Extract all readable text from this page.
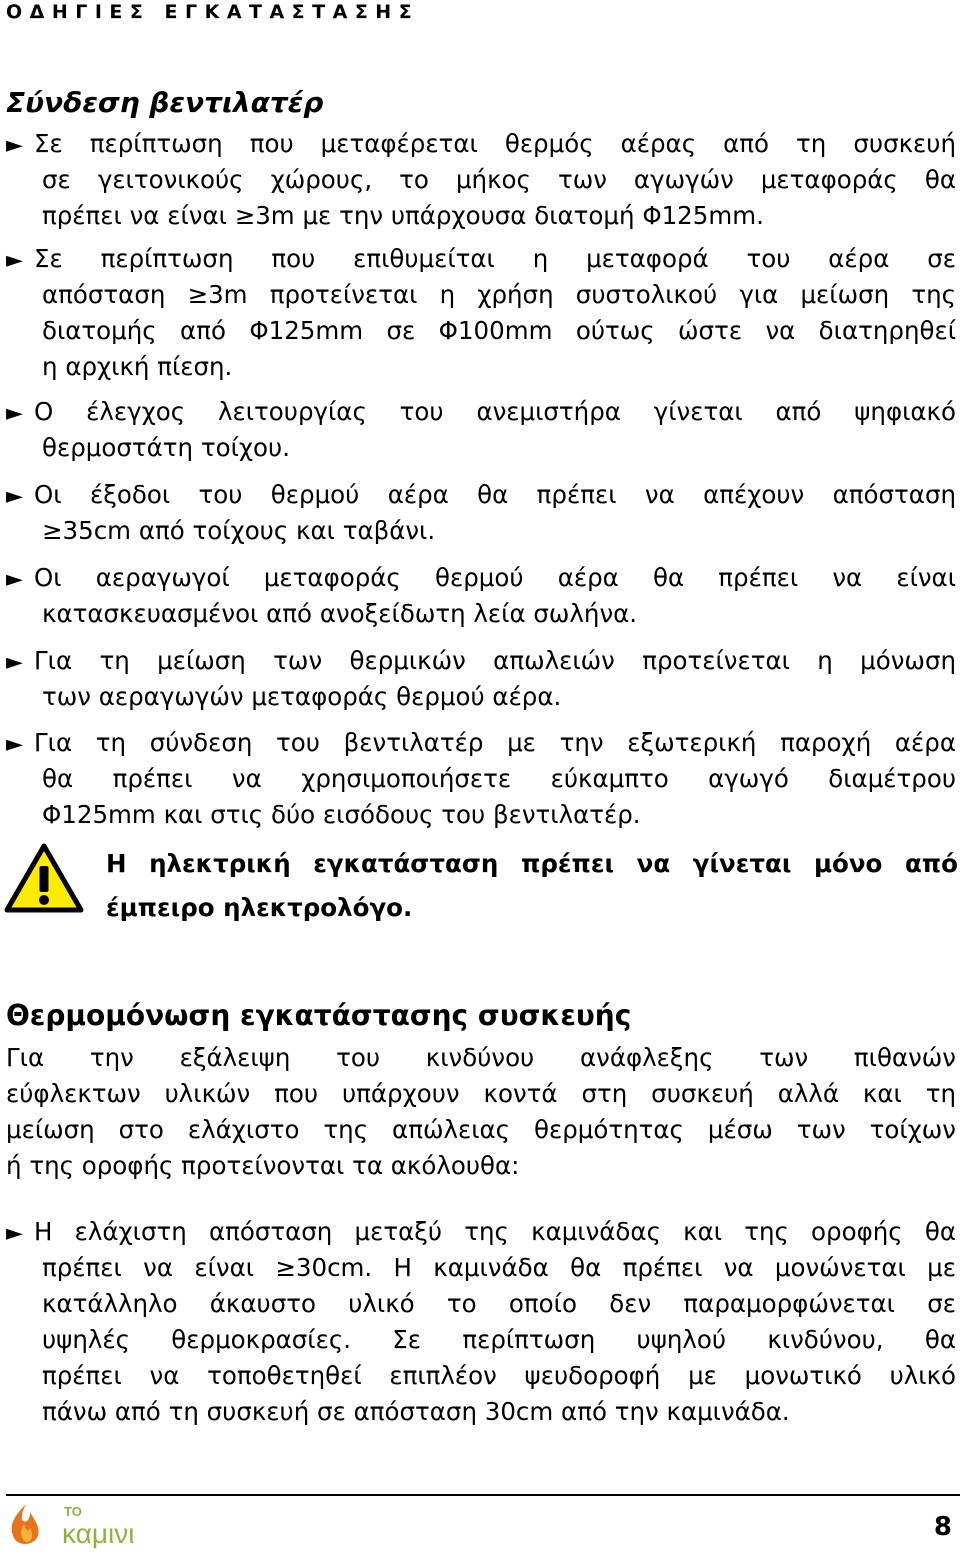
ΟΔΗΓΙΕΣ ΕΓΚΑΤΑΣΤΑΣΗΣ
Σύνδεση βεντιλατέρ
► Σε περίπτωση που μεταφέρεται θερμός αέρας από τη συσκευή
σε γειτονικούς χώρους, το μήκος των αγωγών μεταφοράς θα
πρέπει να είναι ≥3m με την υπάρχουσα διατομή Φ125mm.
► Σε περίπτωση που επιθυμείται η μεταφορά του αέρα σε
απόσταση ≥3m προτείνεται η χρήση συστολικού για μείωση της
διατομής από Φ125mm σε Φ100mm ούτως ώστε να διατηρηθεί
η αρχική πίεση.
► Ο έλεγχος λειτουργίας του ανεμιστήρα γίνεται από ψηφιακό
θερμοστάτη τοίχου.
► Οι έξοδοι του θερμού αέρα θα πρέπει να απέχουν απόσταση
≥35cm από τοίχους και ταβάνι.
► Οι αεραγωγοί μεταφοράς θερμού αέρα θα πρέπει να είναι
κατασκευασμένοι από ανοξείδωτη λεία σωλήνα.
► Για τη μείωση των θερμικών απωλειών προτείνεται η μόνωση
των αεραγωγών μεταφοράς θερμού αέρα.
► Για τη σύνδεση του βεντιλατέρ με την εξωτερική παροχή αέρα
θα πρέπει να χρησιμοποιήσετε εύκαμπτο αγωγό διαμέτρου
Φ125mm και στις δύο εισόδους του βεντιλατέρ.
Η ηλεκτρική εγκατάσταση πρέπει να γίνεται μόνο από
έμπειρο ηλεκτρολόγο.
Θερμομόνωση εγκατάστασης συσκευής
Για την εξάλειψη του κινδύνου ανάφλεξης των πιθανών
εύφλεκτων υλικών που υπάρχουν κοντά στη συσκευή αλλά και τη
μείωση στο ελάχιστο της απώλειας θερμότητας μέσω των τοίχων
ή της οροφής προτείνονται τα ακόλουθα:
► Η ελάχιστη απόσταση μεταξύ της καμινάδας και της οροφής θα
πρέπει να είναι ≥30cm. Η καμινάδα θα πρέπει να μονώνεται με
κατάλληλο άκαυστο υλικό το οποίο δεν παραμορφώνεται σε
υψηλές θερμοκρασίες. Σε περίπτωση υψηλού κινδύνου, θα
πρέπει να τοποθετηθεί επιπλέον ψευδοροφή με μονωτικό υλικό
πάνω από τη συσκευή σε απόσταση 30cm από την καμινάδα.
ΤΟ
καμινι	8
